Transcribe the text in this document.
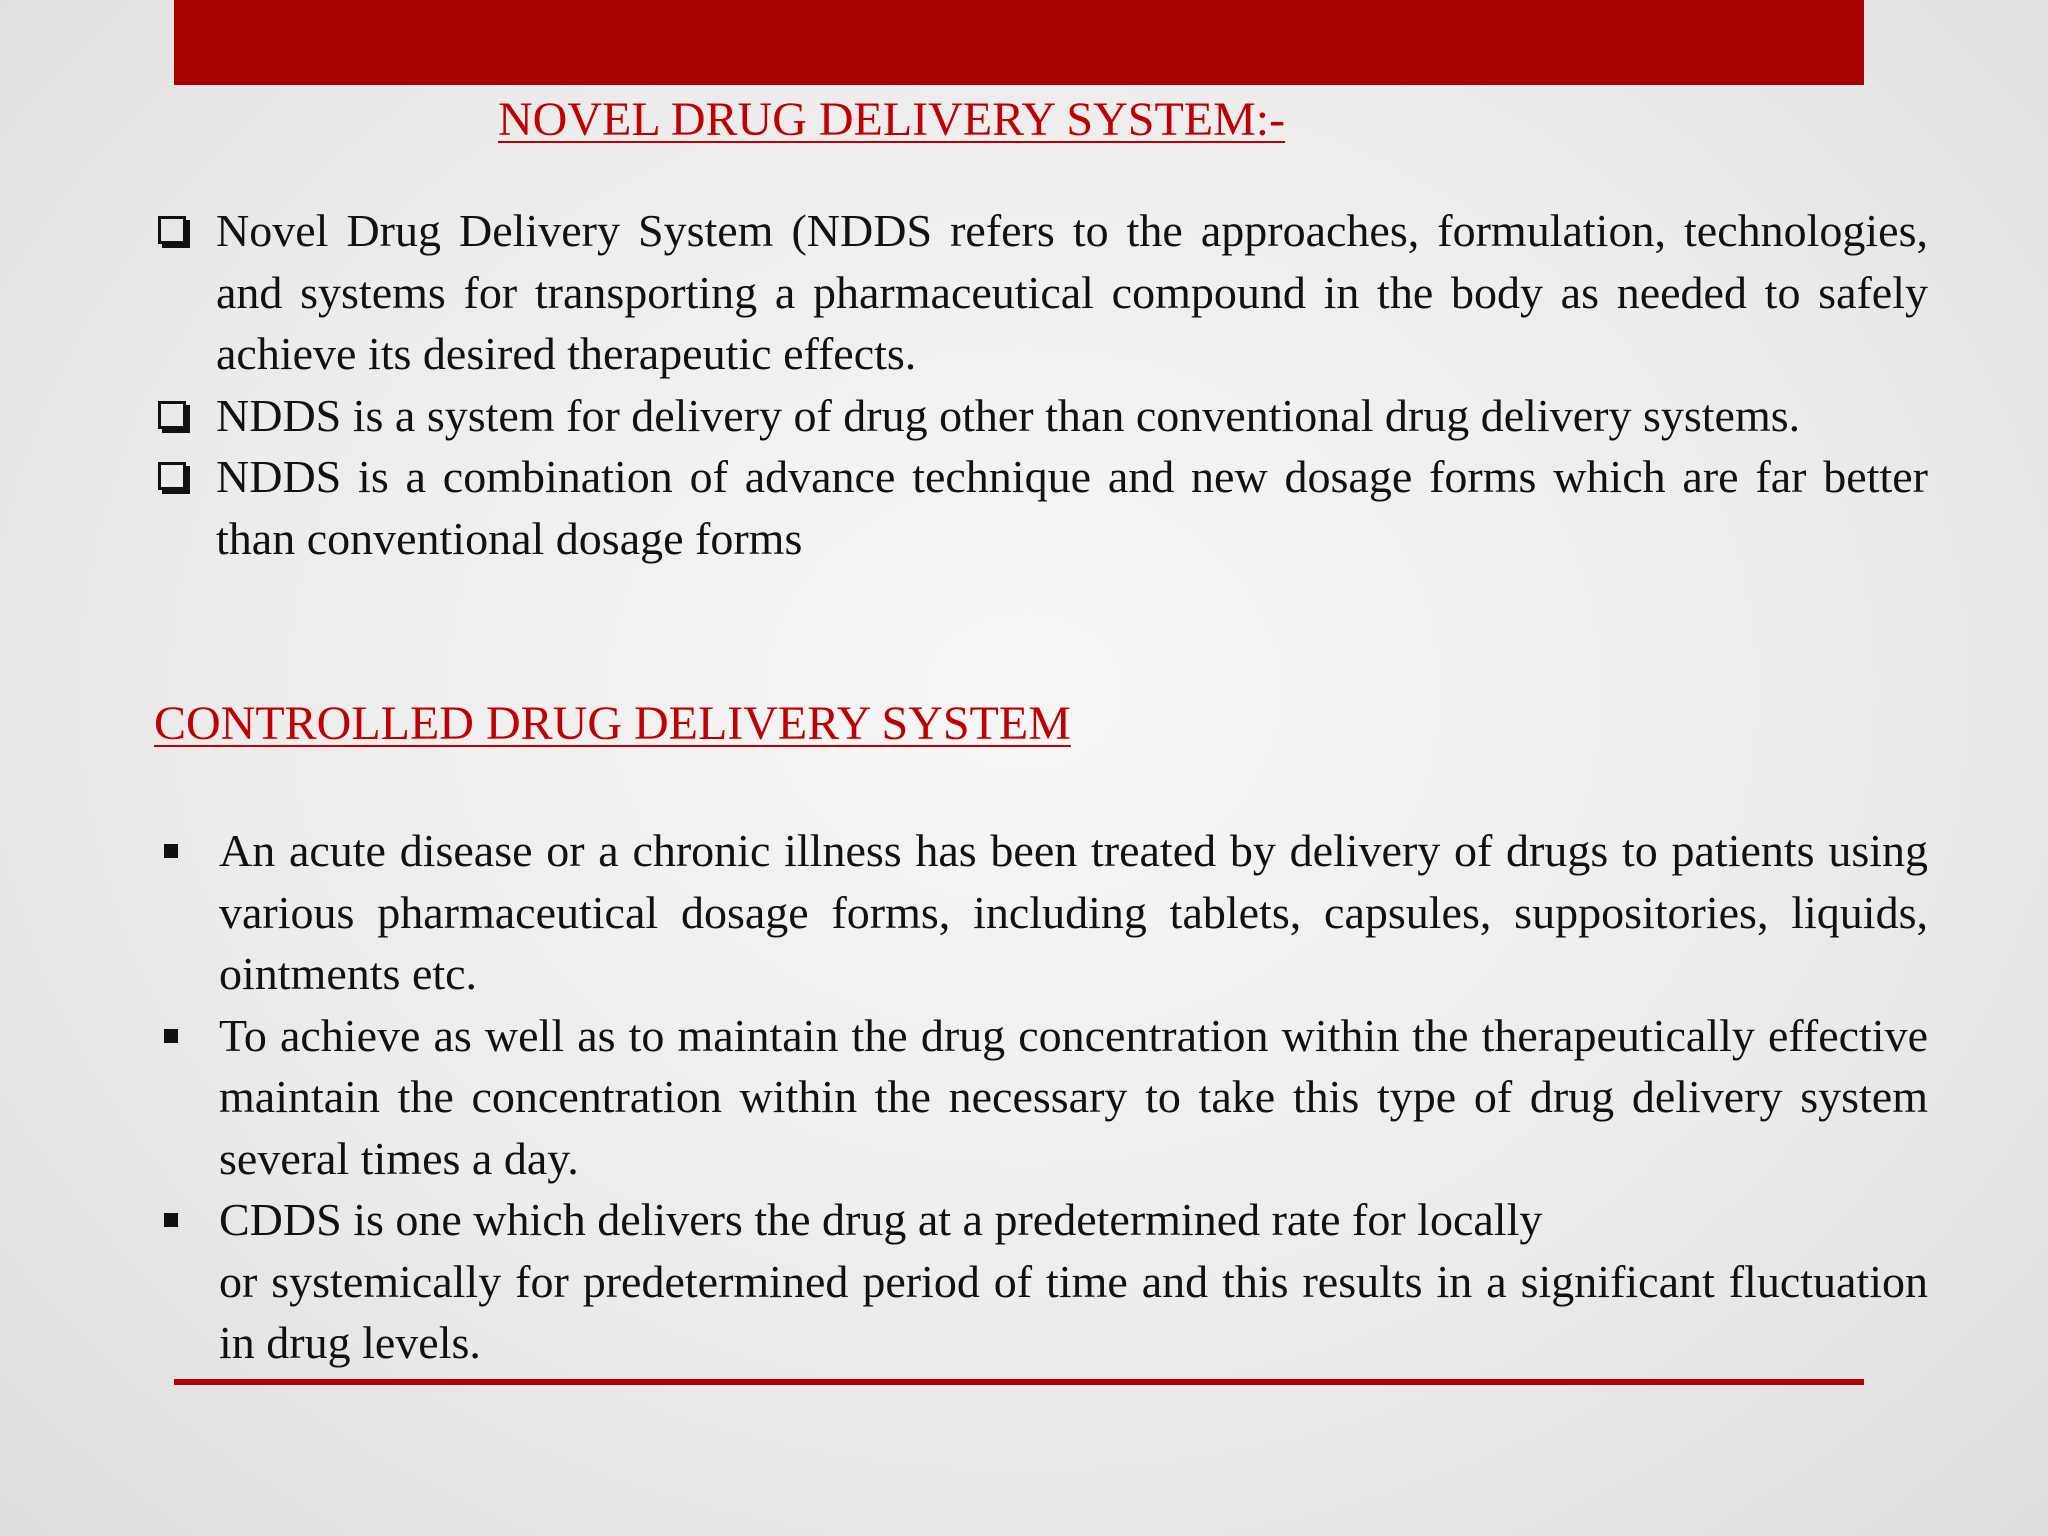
NOVEL DRUG DELIVERY SYSTEM:-
Novel Drug Delivery System (NDDS refers to the approaches, formulation, technologies, and systems for transporting a pharmaceutical compound in the body as needed to safely achieve its desired therapeutic effects.
NDDS is a system for delivery of drug other than conventional drug delivery systems.
NDDS is a combination of advance technique and new dosage forms which are far better than conventional dosage forms
CONTROLLED DRUG DELIVERY SYSTEM
An acute disease or a chronic illness has been treated by delivery of drugs to patients using various pharmaceutical dosage forms, including tablets, capsules, suppositories, liquids, ointments etc.
To achieve as well as to maintain the drug concentration within the therapeutically effective maintain the concentration within the necessary to take this type of drug delivery system several times a day.
CDDS is one which delivers the drug at a predetermined rate for locally
or systemically for predetermined period of time and this results in a significant fluctuation in drug levels.
